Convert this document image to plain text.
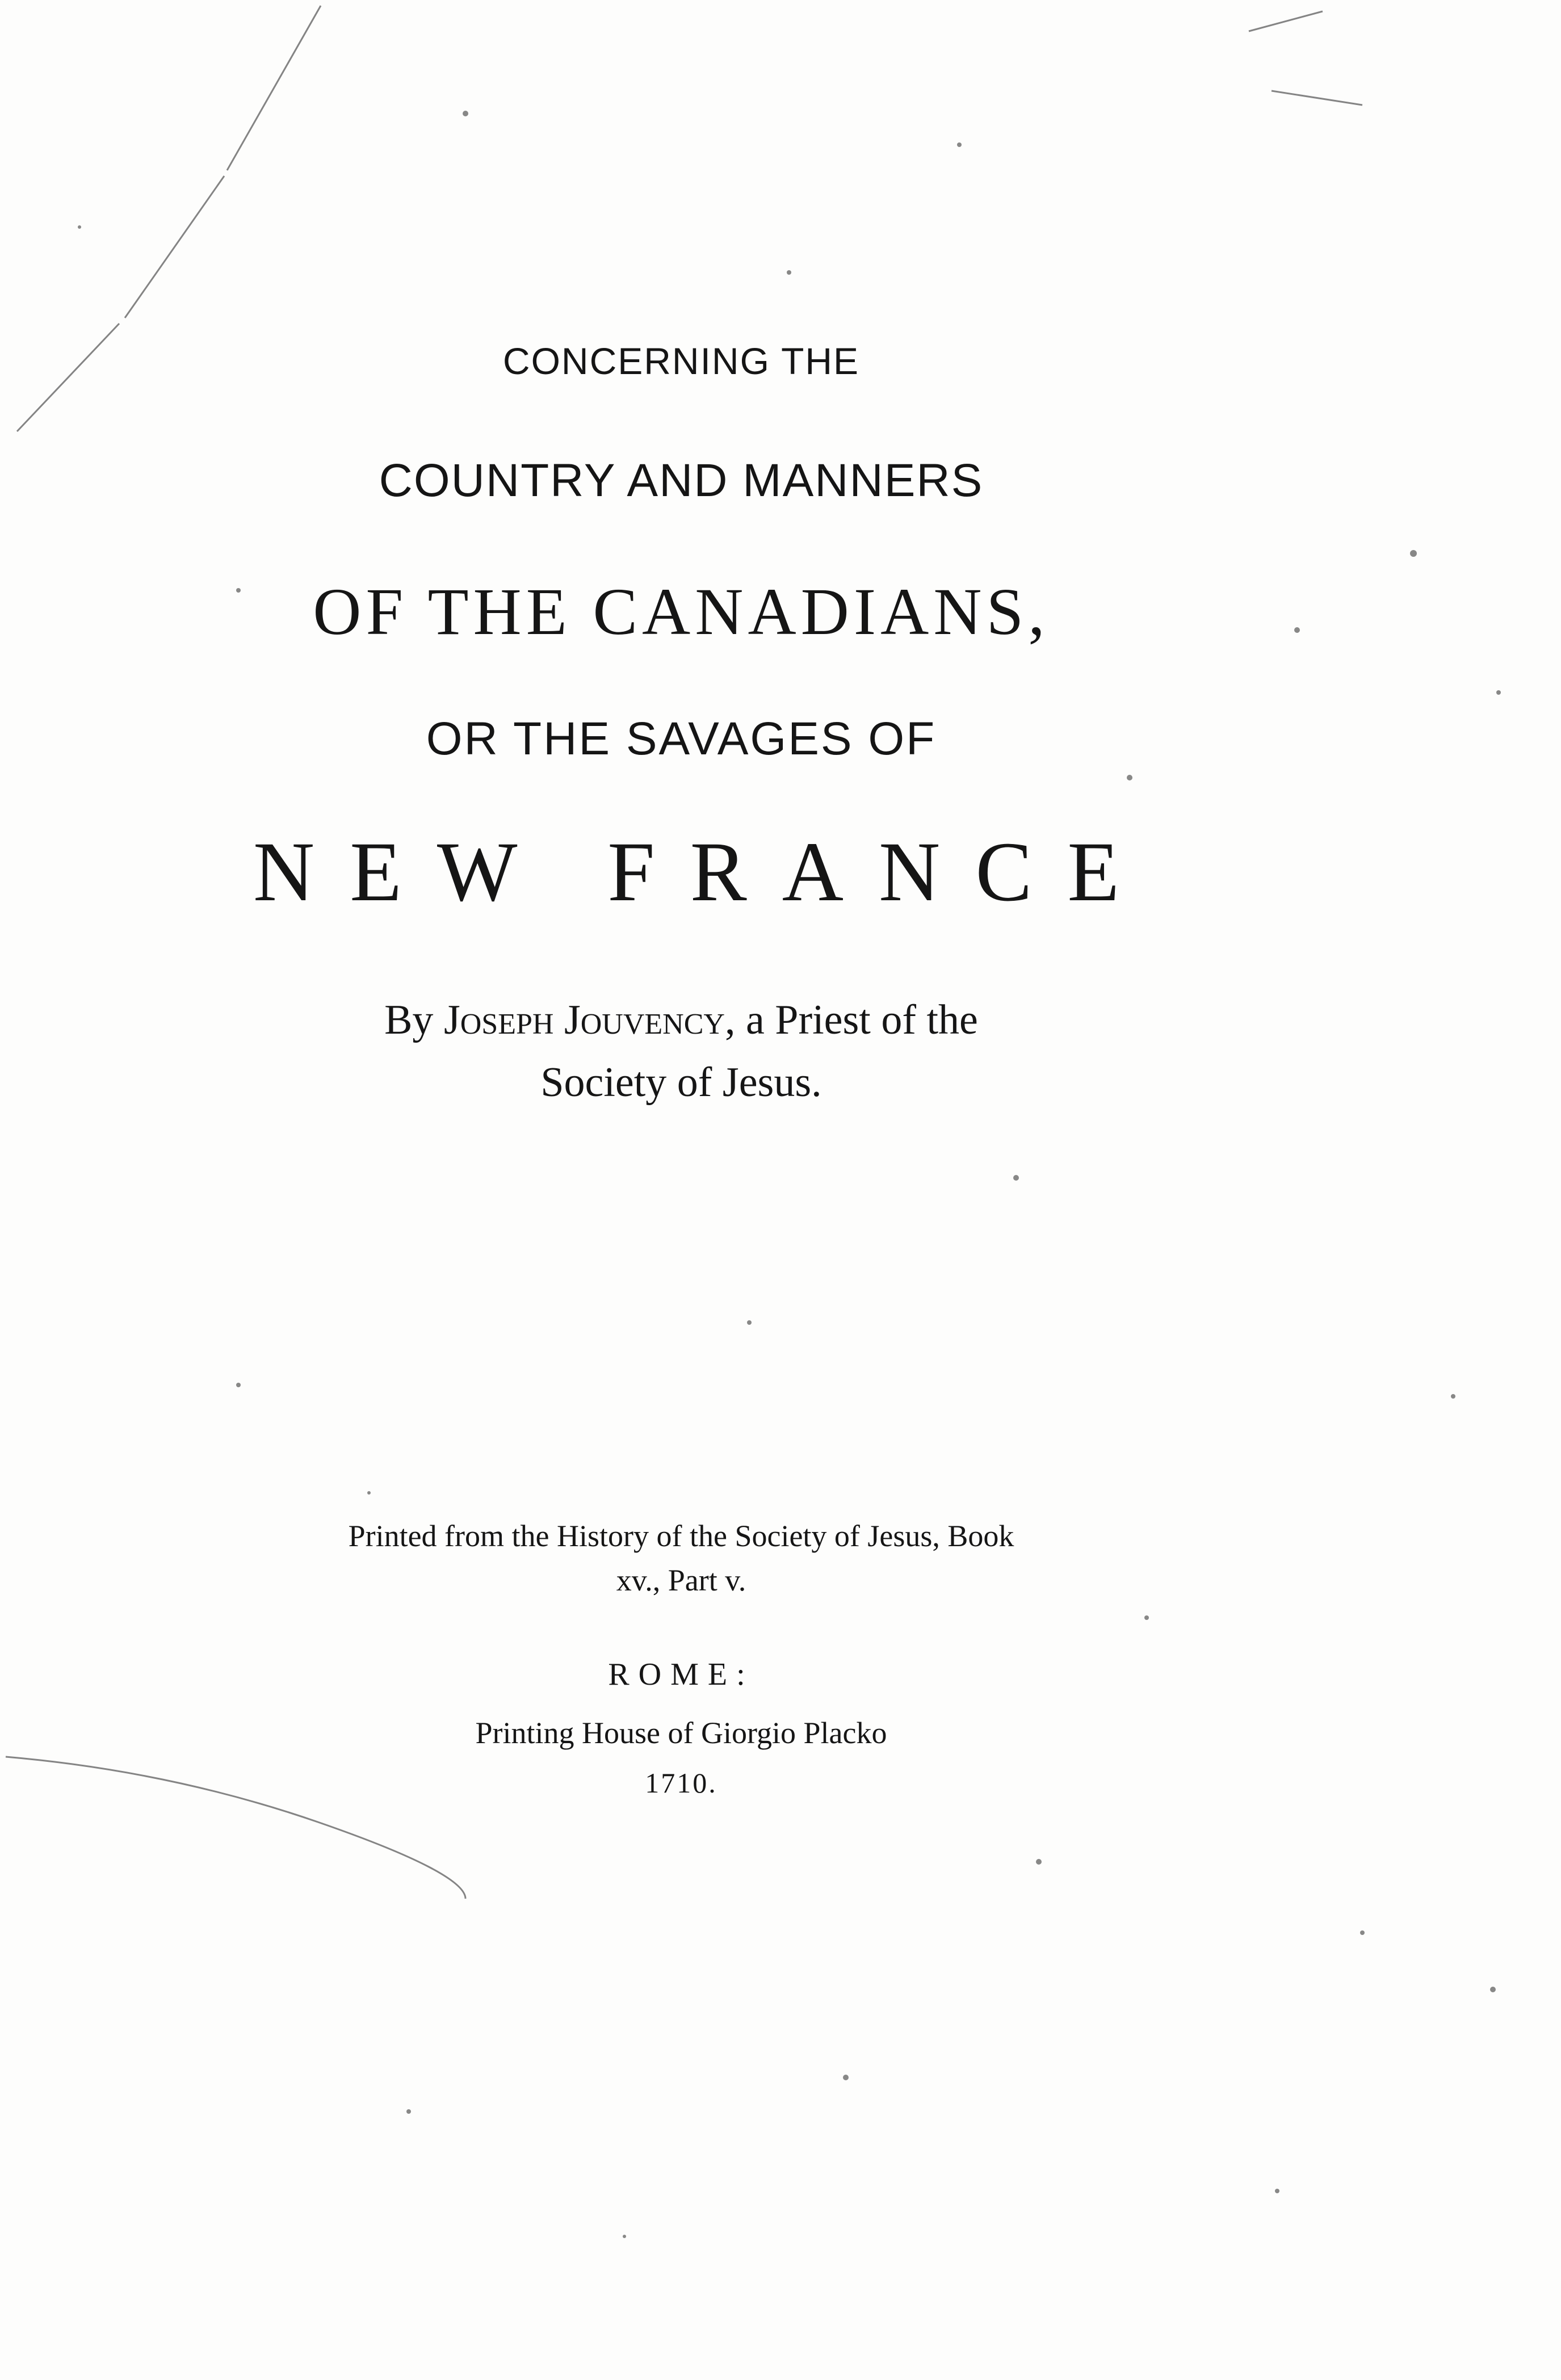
CONCERNING THE
COUNTRY AND MANNERS
OF THE CANADIANS,
OR THE SAVAGES OF
NEW FRANCE
By Joseph Jouvency, a Priest of the
Society of Jesus.
Printed from the History of the Society of Jesus, Book
xv., Part v.
ROME:
Printing House of Giorgio Placko
1710.
